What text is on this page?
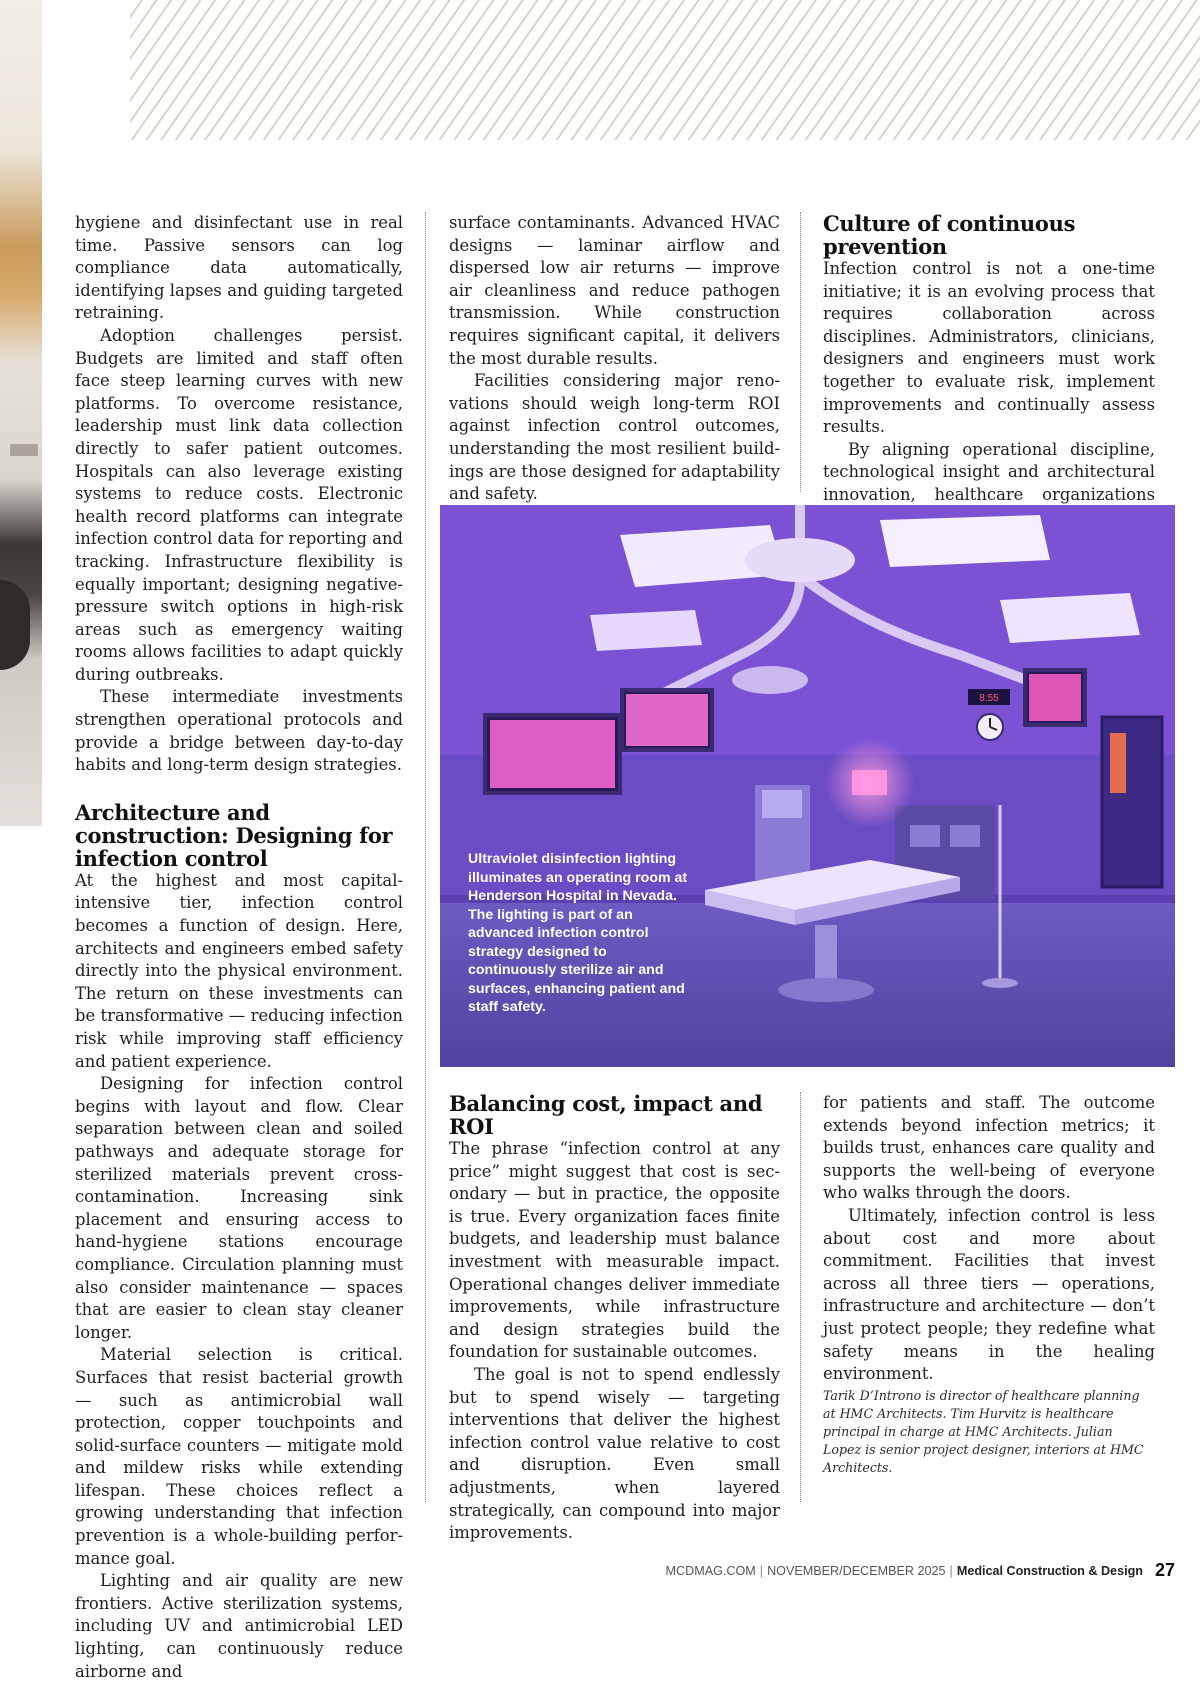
hygiene and disinfectant use in real time. Passive sensors can log compliance data automatically, identifying lapses and guiding targeted retraining.

Adoption challenges persist. Budgets are limited and staff often face steep learning curves with new platforms. To overcome resistance, leadership must link data collection directly to safer patient outcomes. Hospitals can also leverage existing systems to reduce costs. Electronic health record platforms can integrate infection control data for reporting and tracking. Infrastructure flexibility is equally important; designing negative-pressure switch options in high-risk areas such as emergency waiting rooms allows facilities to adapt quickly during outbreaks.

These intermediate investments strengthen operational protocols and provide a bridge between day-to-day habits and long-term design strategies.

Architecture and construction: Designing for infection control

At the highest and most capital-intensive tier, infection control becomes a function of design. Here, architects and engineers embed safety directly into the physical environment. The return on these investments can be transformative — reducing infection risk while improving staff efficiency and patient experience.

Designing for infection control begins with layout and flow. Clear separation between clean and soiled pathways and adequate storage for sterilized materials prevent cross-contamination. Increasing sink placement and ensuring access to hand-hygiene stations encourage compliance. Circulation planning must also consider maintenance — spaces that are easier to clean stay cleaner longer.

Material selection is critical. Surfaces that resist bacterial growth — such as antimicrobial wall protection, copper touchpoints and solid-surface counters — mitigate mold and mildew risks while extending lifespan. These choices reflect a growing understanding that infection prevention is a whole-building performance goal.

Lighting and air quality are new frontiers. Active sterilization systems, including UV and antimicrobial LED lighting, can continuously reduce airborne and

surface contaminants. Advanced HVAC designs — laminar airflow and dispersed low air returns — improve air cleanliness and reduce pathogen transmission. While construction requires significant capital, it delivers the most durable results.

Facilities considering major renovations should weigh long-term ROI against infection control outcomes, understanding the most resilient buildings are those designed for adaptability and safety.

Culture of continuous prevention

Infection control is not a one-time initiative; it is an evolving process that requires collaboration across disciplines. Administrators, clinicians, designers and engineers must work together to evaluate risk, implement improvements and continually assess results.

By aligning operational discipline, technological insight and architectural innovation, healthcare organizations

8:55
Ultraviolet disinfection lighting illuminates an operating room at Henderson Hospital in Nevada. The lighting is part of an advanced infection control strategy designed to continuously sterilize air and surfaces, enhancing patient and staff safety.
Balancing cost, impact and ROI

The phrase “infection control at any price” might suggest that cost is secondary — but in practice, the opposite is true. Every organization faces finite budgets, and leadership must balance investment with measurable impact. Operational changes deliver immediate improvements, while infrastructure and design strategies build the foundation for sustainable outcomes.

The goal is not to spend endlessly but to spend wisely — targeting interventions that deliver the highest infection control value relative to cost and disruption. Even small adjustments, when layered strategically, can compound into major improvements.

for patients and staff. The outcome extends beyond infection metrics; it builds trust, enhances care quality and supports the well-being of everyone who walks through the doors.

Ultimately, infection control is less about cost and more about commitment. Facilities that invest across all three tiers — operations, infrastructure and architecture — don’t just protect people; they redefine what safety means in the healing environment.

Tarik D’Introno is director of healthcare planning at HMC Architects. Tim Hurvitz is healthcare principal in charge at HMC Architects. Julian Lopez is senior project designer, interiors at HMC Architects.
MCDMAG.COM | NOVEMBER/DECEMBER 2025 | Medical Construction & Design 27
